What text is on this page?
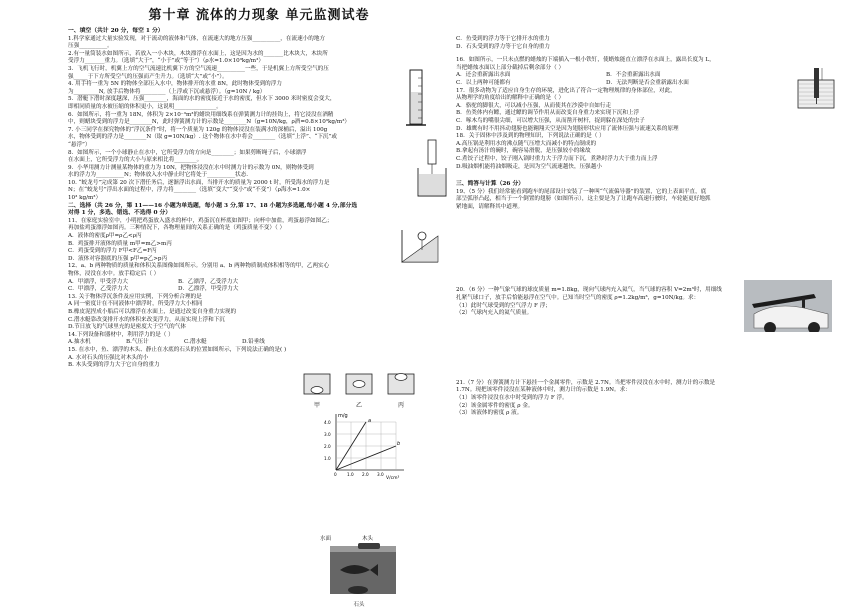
第十章 流体的力现象 单元监测试卷

一、填空（共计 20 分，每空 1 分）

1.科学家通过大量实验发现，对于流动的液体和气体，在流速大的地方压强__________，在流速小的地方

压强__________。

2.有一量筒装水如图所示，若放入一小木块，木块漂浮在水面上，这是因为水的_______比木块大，木块所

受浮力_______重力。（选填“大于”，“小于”或“等于”）（ρ水=1.0×10³kg/m³）

3．飞机飞行时，机翼上方的空气流速比机翼下方的空气流速__________一些，于是机翼上方所受空气的压

强_____于下方所受空气的压强而产生升力。（选填“大”或“小”）。

4. 用手将一重为 5N 的物体全部压入水中，物体排开的水重 8N，此时物体受到的浮力

为_________N, 放手后物体将_________（上浮或下沉或悬浮）。（g=10N / kg）

5．潜艇下潜时深度越深，压强________，海面的水的密度接近于水的密度，但水下 3000 米时密度会变大，

即相同质量的水被压缩的体积更小，这说明_______________。

6．如图所示，将一重为 18N，体积为 2×10⁻³m³的蜡块用细线系在弹簧测力计的挂钩上，将它浸没在酒精

中，则蜡块受到的浮力是________N，此时弹簧测力计的示数是________N（g=10N/kg，ρ酒=0.8×10³kg/m³）

7. 小三同学在探究物体的“浮沉条件”时，将一个质量为 120g 的物体浸没在装满水的深桶后，溢出 100g

水，物体受到的浮力是________N（取 g=10N/kg）. 这个物体在水中将会________（选填“上浮”、“下沉”或

“悬浮”）

8．如图所示，一个小球静止在水中，它所受浮力的方向是________；如果剪断绳子后，小球漂浮

在水面上，它所受浮力的大小与原来相比将________。

9．小华用测力计测量某物体的重力为 10N，把物体浸没在水中时测力计的示数为 0N，则物体受到

水的浮力为__________N；物体放入水中静止时它将处于__________状态.

10. “蛟龙号”完成第 20 次下潜任务后，逐渐浮出水面，当排开水的质量为 2000 t 时，所受海水的浮力是

N；在“蛟龙号”浮出水面的过程中，浮力将________（选填“变大”“变小”或“不变”）（ρ海水=1.0×

10³ kg/m³）

二、选择（共 26 分，第 11——16 小题为单选题，每小题 3 分,第 17、18 小题为多选题,每小题 4 分,部分选

对得 1 分，多选、错选、不选得 0 分）

11、在家庭实验室中，小明把鸡蛋放入盛水的杯中，鸡蛋沉在杯底如图甲；向杯中加盐，鸡蛋悬浮如图乙；

再加盐鸡蛋漂浮如图丙。三种情况下，各物理量间的关系正确的是（鸡蛋质量不变）（ ）

A．液体的密度ρ甲=ρ乙<ρ丙

B．鸡蛋排开液体的质量 m甲=m乙>m丙

C．鸡蛋受到的浮力 F甲<F乙=F丙

D．液体对容器底的压强 p甲=p乙>p丙

12、a、b 两种物质的质量和体积关系图像如图所示。分别用 a、b 两种物质制成体积相等的甲，乙两实心

物体，浸没在水中。放手稳定后（ ）

A．甲漂浮，甲受浮力大	B．乙漂浮，乙受浮力大

C．甲漂浮，乙受浮力大	D．乙漂浮，甲受浮力大

13. 关于物体浮沉条件及应用实例，下列分析合理的是

A 同一密度计在不同液体中漂浮时，所受浮力大小相同

B.橡皮泥捏成小船后可以漂浮在水面上，是通过改变自身重力实现的

C.潜水艇靠改变排开水的体积来改变浮力，从而实现上浮和下沉

D.节日放飞的气球里充的是密度大于空气的气体

14.下列设备和器材中，利用浮力的是（ ）

A.抽水机	B.气压计	C.潜水艇	D.铅垂线

15. 在水中，鱼、漂浮的木头、静止在水底的石头的位置如图所示，下列说法正确的是( )

A. 水对石头的压强比对木头的小

B. 木头受到的浮力大于它自身的重力

C．鱼受到的浮力等于它排开水的重力

D．石头受到的浮力等于它自身的重力

16．如图所示，一只未点燃的蜡烛的下端插入一根小铁钉，使蜡烛能直立漂浮在水面上，露出长度为 L，

当把蜡烛水面以上部分截掉后剩余部分（ ）

A．还会重新露出水面	B．不会重新露出水面

C．以上两种可能都有	D．无法判断是否会重新露出水面

17．很多动物为了适应自身生存的环境，进化出了符合一定物理规律的身体部位，对此，

从物理学的角度给出的解释中正确的是（ ）

A．骆驼的脚很大，可以减小压强，从而使其在沙漠中自如行走

B．鱼类体内有鳔，通过鳔的调节作用从而改变自身重力来实现下沉和上浮

C．啄木鸟的嘴很尖细，可以增大压强，从而凿开树杆，捉到躲在深处的虫子

D．雄鹰有时不用抖动翅膀也能翱翔天空是因为翅膀形状应用了流体压强与流速关系的原理

18．关于固体中涉及到的物理知识，下列说法正确的是（ ）

A.高压锅是利用水的沸点随气压增大而减小的特点制成的

B.拿起有汤汁的碗时，碗容易滑脱，是压强较小的缘故

C.煮饺子过程中，饺子刚入锅时重力大于浮力而下沉，煮熟时浮力大于重力而上浮

D.吸油烟机能将油烟吸走，是因为空气流速越快，压强越小

三、简答与计算（26 分）

19、（5 分）我们经常能看到跑车的尾部设计安装了一种叫“气流偏导器”的装置，它的上表面平直，底

部呈弧形凸起，相当于一个倒置的翅膀（如图所示），这主要是为了让跑车高速行驶时，车轮能更好地抓

紧地面，请解释其中道理。

20．（6 分）一种气象气球的球皮质量 m=1.8kg，现向气球内充入氦气，当气球的容积 V=2m³时，用细线

扎紧气球口子，放手后恰能悬浮在空气中。已知当时空气的密度 ρ=1.2kg/m³，g=10N/kg。求：

（1）此时气球受到的空气浮力 F 浮；

（2）气球内充入的氦气质量。

21.（7 分）在弹簧测力计下悬挂一个金属零件，示数是 2.7N。当把零件浸没在水中时，测力计的示数是

1.7N。现把该零件浸没在某种液体中时，测力计的示数是 1.9N。求：

（1）该零件浸没在水中时受到的浮力 F 浮。

（2）该金属零件的密度 ρ 金。

（3）该液体的密度 ρ 液。

甲	乙	丙
a
b
m/g
V/cm³
1.0
2.0
3.0
4.0
0 1.0 2.0 3.0
水面	木头
石头
